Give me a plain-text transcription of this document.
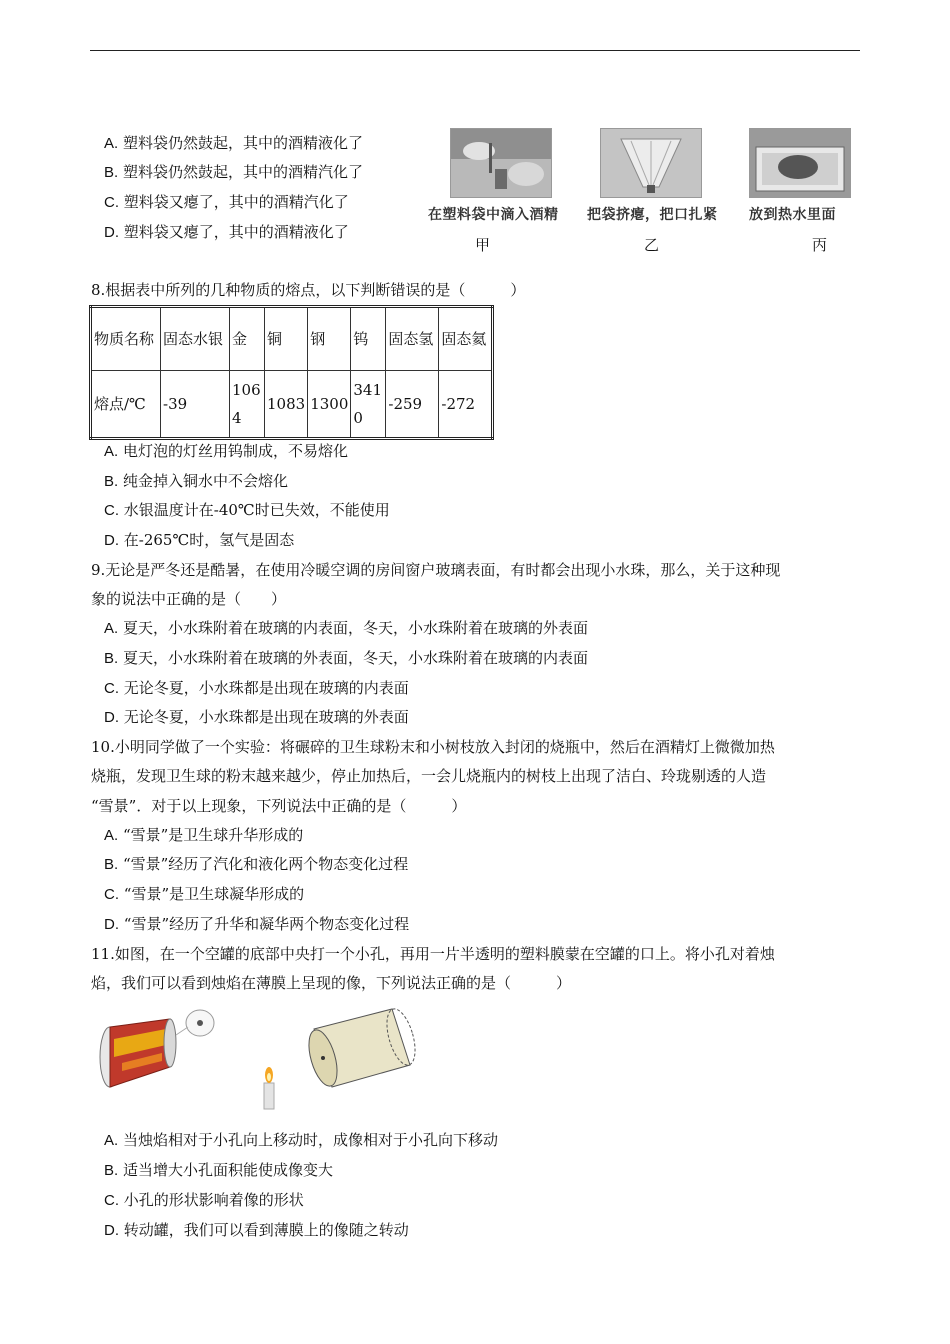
A. 塑料袋仍然鼓起，其中的酒精液化了
B. 塑料袋仍然鼓起，其中的酒精汽化了
C. 塑料袋又瘪了，其中的酒精汽化了
D. 塑料袋又瘪了，其中的酒精液化了
在塑料袋中滴入酒精 把袋挤瘪，把口扎紧 放到热水里面
甲	乙	丙
8.根据表中所列的几种物质的熔点，以下判断错误的是（　　　）
物质名称	固态水银	金	铜	钢	钨	固态氢	固态氦
熔点/℃	-39	1064	1083	1300	3410	-259	-272
A. 电灯泡的灯丝用钨制成，不易熔化
B. 纯金掉入铜水中不会熔化
C. 水银温度计在-40℃时已失效，不能使用
D. 在-265℃时，氢气是固态
9.无论是严冬还是酷暑，在使用冷暖空调的房间窗户玻璃表面，有时都会出现小水珠，那么，关于这种现
象的说法中正确的是（　　）
A. 夏天，小水珠附着在玻璃的内表面，冬天，小水珠附着在玻璃的外表面
B. 夏天，小水珠附着在玻璃的外表面，冬天，小水珠附着在玻璃的内表面
C. 无论冬夏，小水珠都是出现在玻璃的内表面
D. 无论冬夏，小水珠都是出现在玻璃的外表面
10.小明同学做了一个实验：将碾碎的卫生球粉末和小树枝放入封闭的烧瓶中，然后在酒精灯上微微加热
烧瓶，发现卫生球的粉末越来越少，停止加热后，一会儿烧瓶内的树枝上出现了洁白、玲珑剔透的人造
“雪景”．对于以上现象，下列说法中正确的是（　　　）
A. “雪景”是卫生球升华形成的
B. “雪景”经历了汽化和液化两个物态变化过程
C. “雪景”是卫生球凝华形成的
D. “雪景”经历了升华和凝华两个物态变化过程
11.如图，在一个空罐的底部中央打一个小孔，再用一片半透明的塑料膜蒙在空罐的口上。将小孔对着烛
焰，我们可以看到烛焰在薄膜上呈现的像，下列说法正确的是（　　　）
A. 当烛焰相对于小孔向上移动时，成像相对于小孔向下移动
B. 适当增大小孔面积能使成像变大
C. 小孔的形状影响着像的形状
D. 转动罐，我们可以看到薄膜上的像随之转动
